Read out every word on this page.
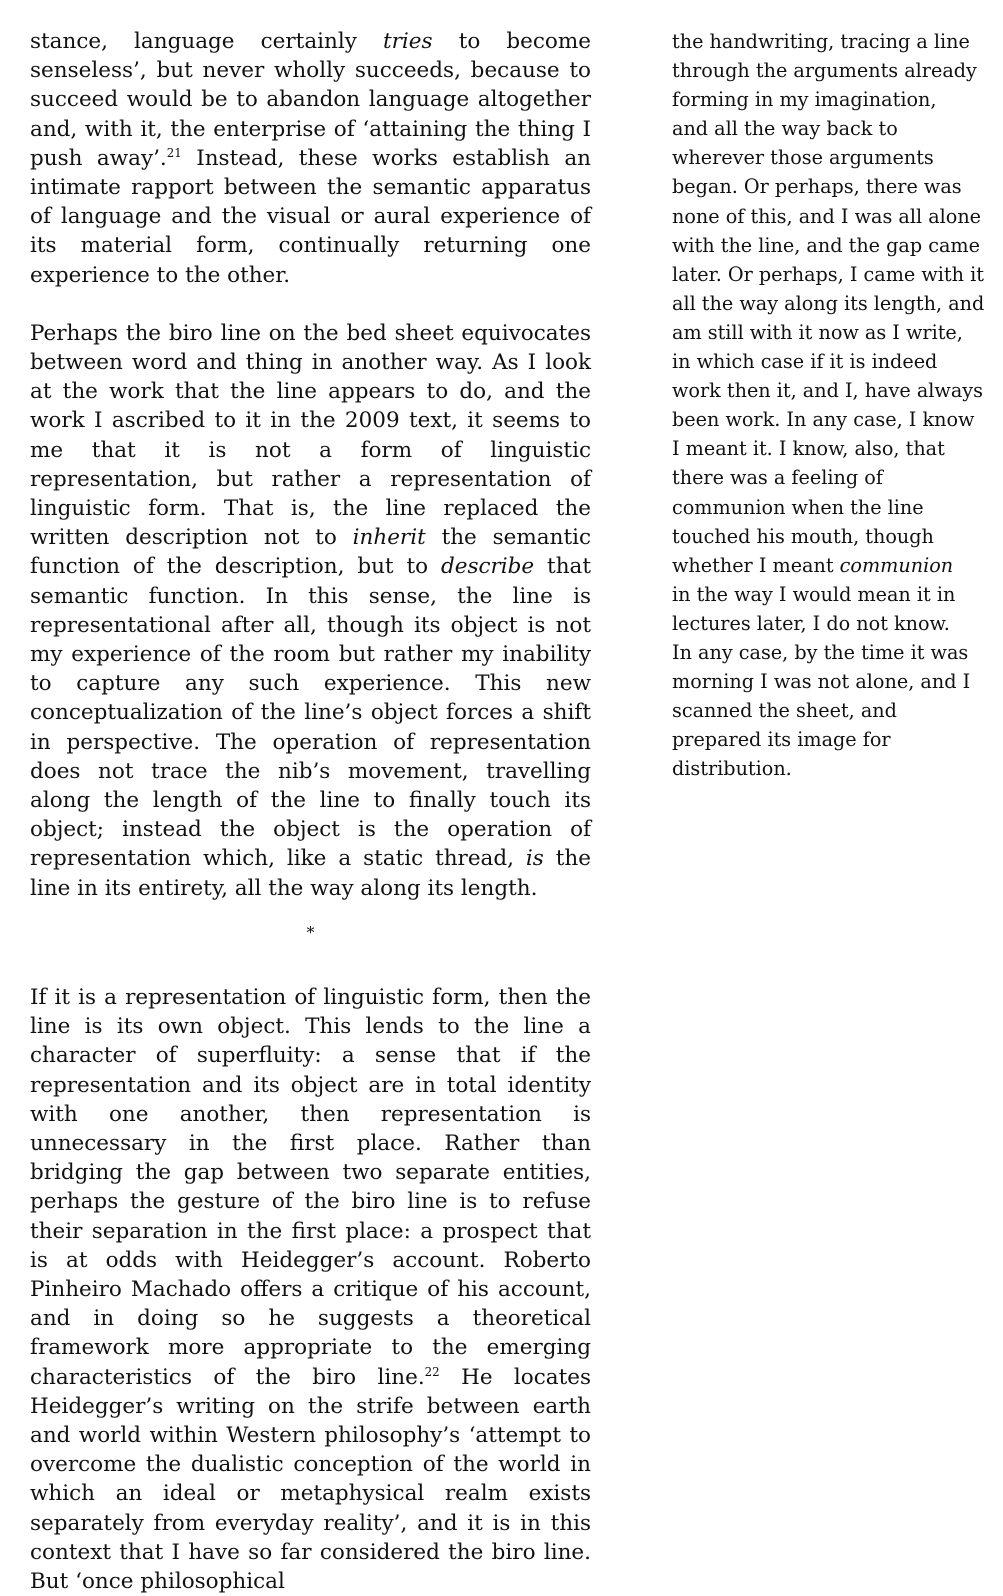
stance, language certainly tries to become senseless’, but never wholly succeeds, because to succeed would be to abandon language altogether and, with it, the enterprise of ‘attaining the thing I push away’.$^{21}$ Instead, these works establish an intimate rapport between the semantic apparatus of language and the visual or aural experience of its material form, continually returning one experience to the other.

Perhaps the biro line on the bed sheet equivocates between word and thing in another way. As I look at the work that the line appears to do, and the work I ascribed to it in the 2009 text, it seems to me that it is not a form of linguistic representation, but rather a representation of linguistic form. That is, the line replaced the written description not to inherit the semantic function of the description, but to describe that semantic function. In this sense, the line is representational after all, though its object is not my experience of the room but rather my inability to capture any such experience. This new conceptualization of the line’s object forces a shift in perspective. The operation of representation does not trace the nib’s movement, travelling along the length of the line to finally touch its object; instead the object is the operation of representation which, like a static thread, is the line in its entirety, all the way along its length.

*

If it is a representation of linguistic form, then the line is its own object. This lends to the line a character of superfluity: a sense that if the representation and its object are in total identity with one another, then representation is unnecessary in the first place. Rather than bridging the gap between two separate entities, perhaps the gesture of the biro line is to refuse their separation in the first place: a prospect that is at odds with Heidegger’s account. Roberto Pinheiro Machado offers a critique of his account, and in doing so he suggests a theoretical framework more appropriate to the emerging characteristics of the biro line.$^{22}$ He locates Heidegger’s writing on the strife between earth and world within Western philosophy’s ‘attempt to overcome the dualistic conception of the world in which an ideal or metaphysical realm exists separately from everyday reality’, and it is in this context that I have so far considered the biro line. But ‘once philosophical

the handwriting, tracing a line
through the arguments already
forming in my imagination,
and all the way back to
wherever those arguments
began. Or perhaps, there was
none of this, and I was all alone
with the line, and the gap came
later. Or perhaps, I came with it
all the way along its length, and
am still with it now as I write,
in which case if it is indeed
work then it, and I, have always
been work. In any case, I know
I meant it. I know, also, that
there was a feeling of
communion when the line
touched his mouth, though
whether I meant communion
in the way I would mean it in
lectures later, I do not know.
In any case, by the time it was
morning I was not alone, and I
scanned the sheet, and
prepared its image for
distribution.
